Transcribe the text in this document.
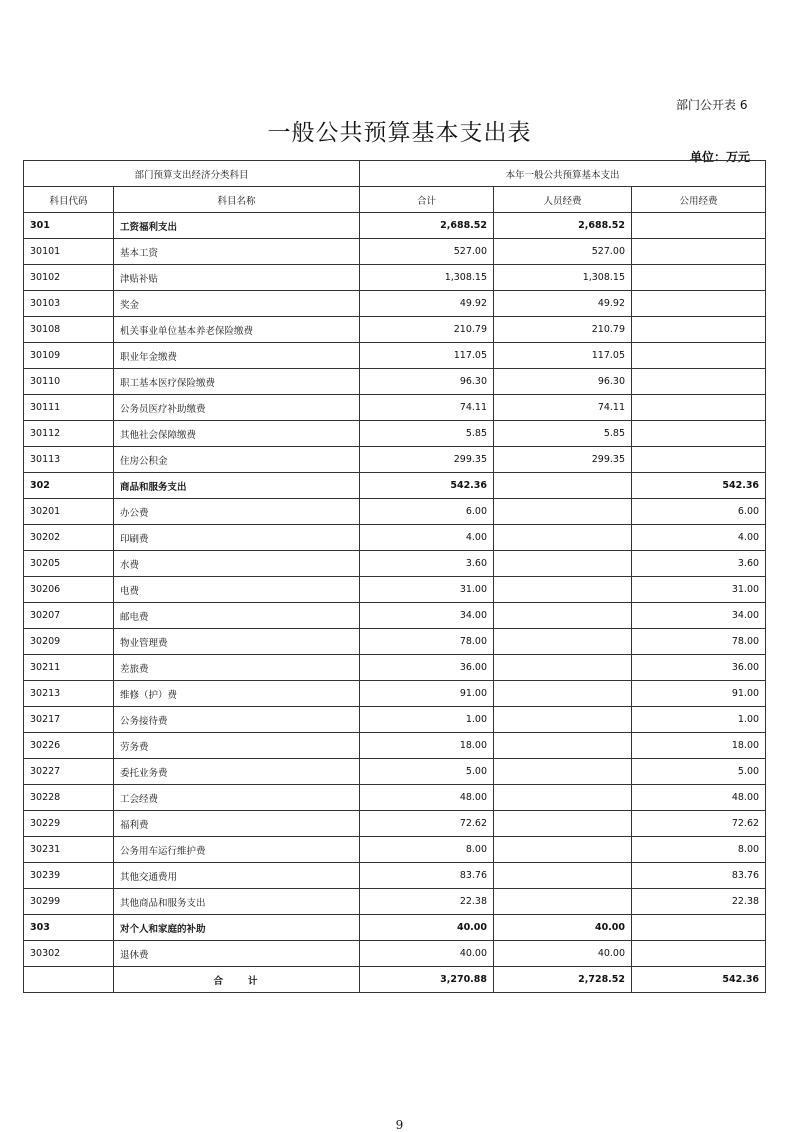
部门公开表 6
一般公共预算基本支出表
单位：万元
部门预算支出经济分类科目		本年一般公共预算基本支出		
科目代码	科目名称	合计	人员经费	公用经费
301	工资福利支出	2,688.52	2,688.52	
30101	基本工资	527.00	527.00	
30102	津贴补贴	1,308.15	1,308.15	
30103	奖金	49.92	49.92	
30108	机关事业单位基本养老保险缴费	210.79	210.79	
30109	职业年金缴费	117.05	117.05	
30110	职工基本医疗保险缴费	96.30	96.30	
30111	公务员医疗补助缴费	74.11	74.11	
30112	其他社会保障缴费	5.85	5.85	
30113	住房公积金	299.35	299.35	
302	商品和服务支出	542.36		542.36
30201	办公费	6.00		6.00
30202	印刷费	4.00		4.00
30205	水费	3.60		3.60
30206	电费	31.00		31.00
30207	邮电费	34.00		34.00
30209	物业管理费	78.00		78.00
30211	差旅费	36.00		36.00
30213	维修（护）费	91.00		91.00
30217	公务接待费	1.00		1.00
30226	劳务费	18.00		18.00
30227	委托业务费	5.00		5.00
30228	工会经费	48.00		48.00
30229	福利费	72.62		72.62
30231	公务用车运行维护费	8.00		8.00
30239	其他交通费用	83.76		83.76
30299	其他商品和服务支出	22.38		22.38
303	对个人和家庭的补助	40.00	40.00	
30302	退休费	40.00	40.00	
	合　　计	3,270.88	2,728.52	542.36
9
